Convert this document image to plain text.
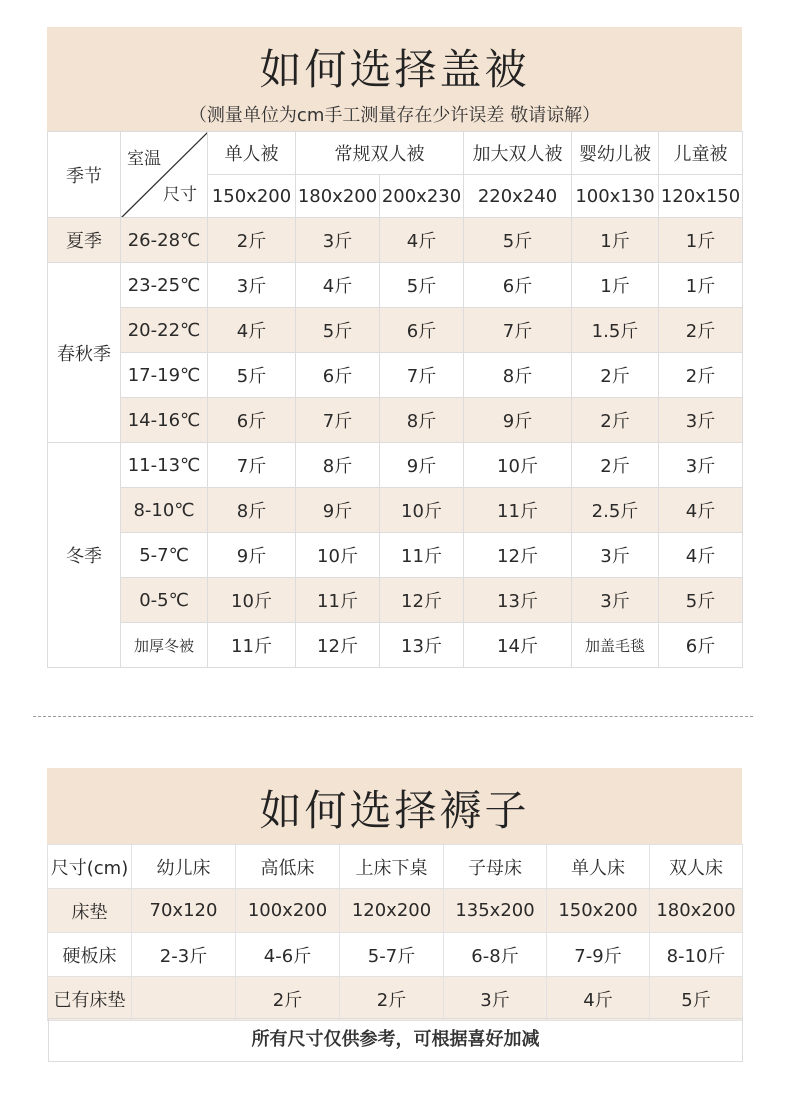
如何选择盖被
（测量单位为cm手工测量存在少许误差 敬请谅解）
季节	室温
尺寸	单人被	常规双人被		加大双人被	婴幼儿被	儿童被
		150x200	180x200	200x230	220x240	100x130	120x150
夏季	26-28℃	2斤	3斤	4斤	5斤	1斤	1斤
春秋季	23-25℃	3斤	4斤	5斤	6斤	1斤	1斤
	20-22℃	4斤	5斤	6斤	7斤	1.5斤	2斤
	17-19℃	5斤	6斤	7斤	8斤	2斤	2斤
	14-16℃	6斤	7斤	8斤	9斤	2斤	3斤
冬季	11-13℃	7斤	8斤	9斤	10斤	2斤	3斤
	8-10℃	8斤	9斤	10斤	11斤	2.5斤	4斤
	5-7℃	9斤	10斤	11斤	12斤	3斤	4斤
	0-5℃	10斤	11斤	12斤	13斤	3斤	5斤
	加厚冬被	11斤	12斤	13斤	14斤	加盖毛毯	6斤
如何选择褥子
尺寸(cm)	幼儿床	高低床	上床下桌	子母床	单人床	双人床
床垫	70x120	100x200	120x200	135x200	150x200	180x200
硬板床	2-3斤	4-6斤	5-7斤	6-8斤	7-9斤	8-10斤
已有床垫		2斤	2斤	3斤	4斤	5斤
所有尺寸仅供参考，可根据喜好加减
